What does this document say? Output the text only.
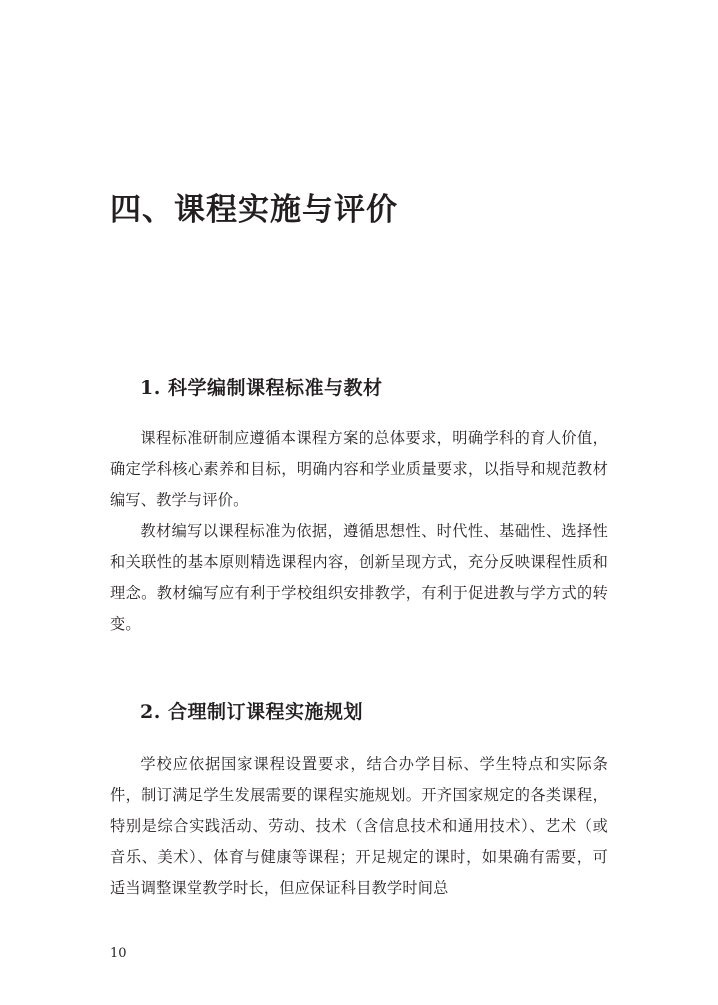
四、课程实施与评价
1. 科学编制课程标准与教材

课程标准研制应遵循本课程方案的总体要求，明确学科的育人价值，确定学科核心素养和目标，明确内容和学业质量要求，以指导和规范教材编写、教学与评价。

教材编写以课程标准为依据，遵循思想性、时代性、基础性、选择性和关联性的基本原则精选课程内容，创新呈现方式，充分反映课程性质和理念。教材编写应有利于学校组织安排教学，有利于促进教与学方式的转变。

2. 合理制订课程实施规划

学校应依据国家课程设置要求，结合办学目标、学生特点和实际条件，制订满足学生发展需要的课程实施规划。开齐国家规定的各类课程，特别是综合实践活动、劳动、技术（含信息技术和通用技术）、艺术（或音乐、美术）、体育与健康等课程；开足规定的课时，如果确有需要，可适当调整课堂教学时长，但应保证科目教学时间总

10
